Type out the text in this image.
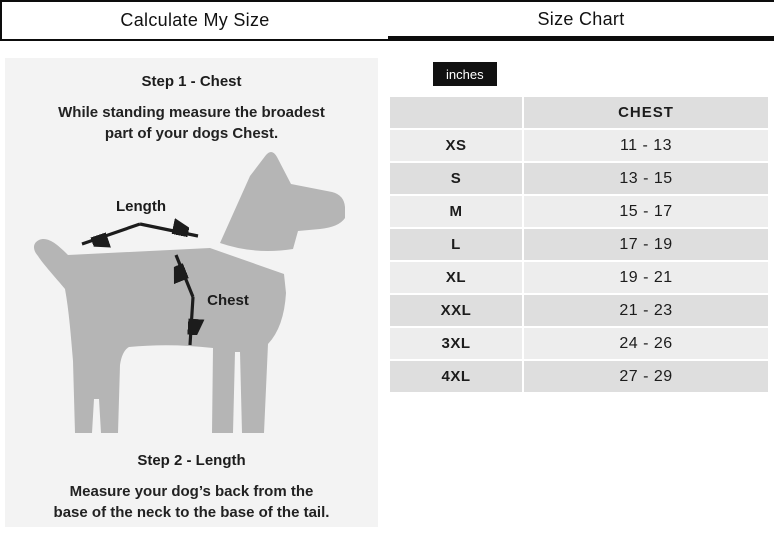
Calculate My Size	Size Chart
Step 1 - Chest
While standing measure the broadest
part of your dogs Chest.
Length
Chest
Step 2 - Length
Measure your dog’s back from the
base of the neck to the base of the tail.
inches
CHEST
XS	11 - 13
S	13 - 15
M	15 - 17
L	17 - 19
XL	19 - 21
XXL	21 - 23
3XL	24 - 26
4XL	27 - 29
